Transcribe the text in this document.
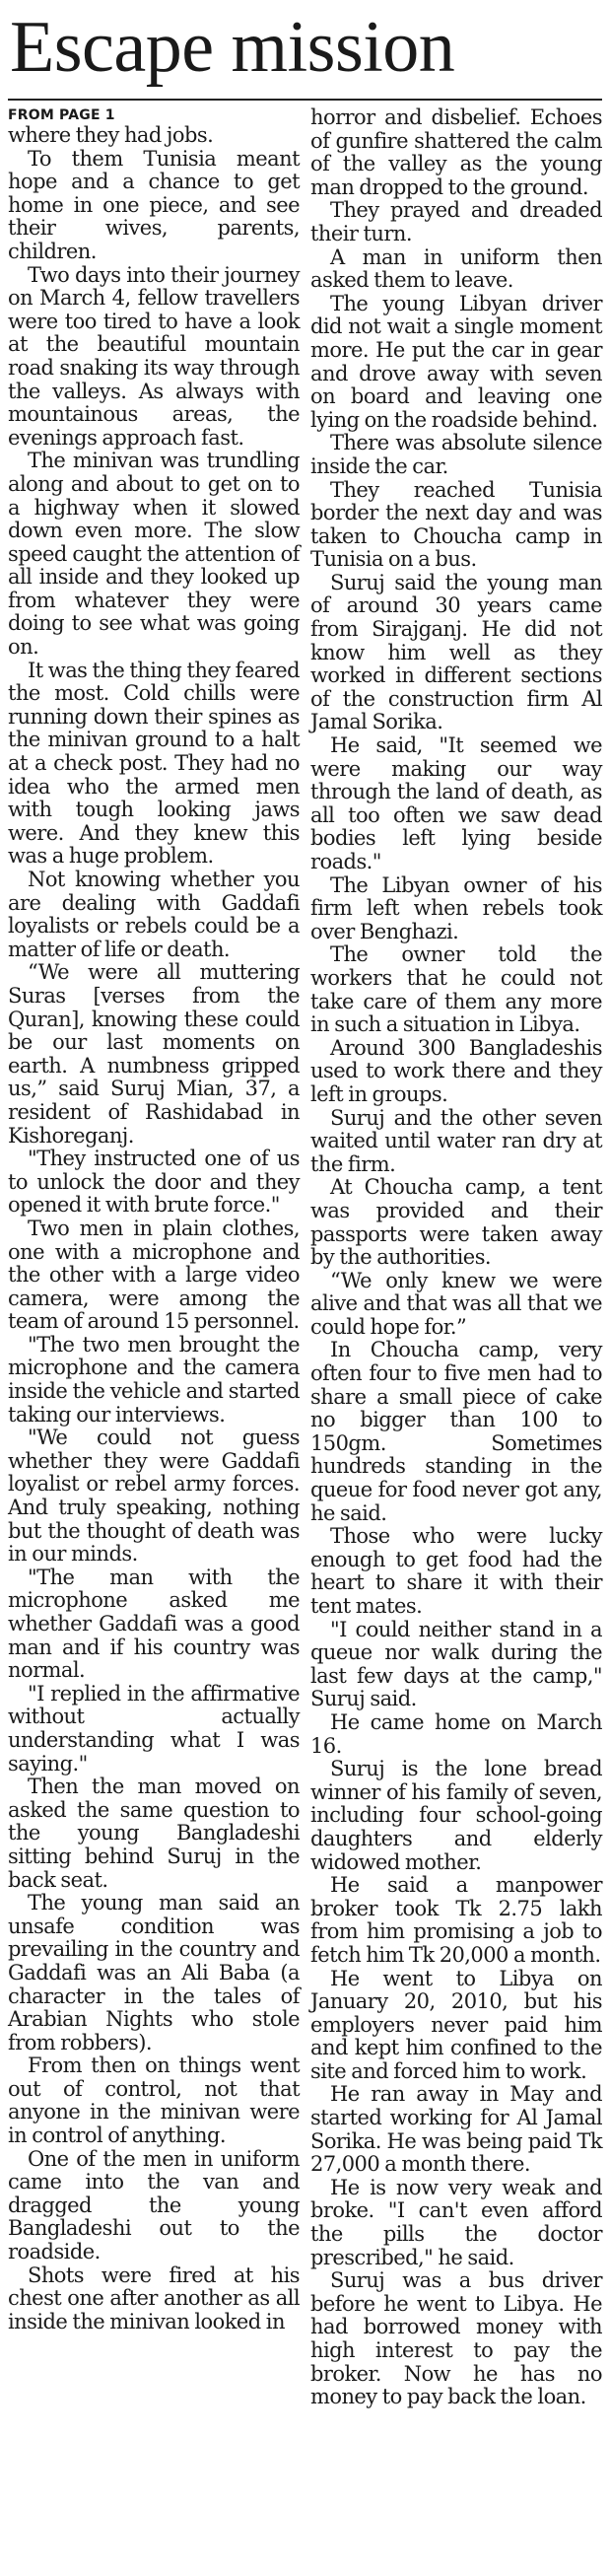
Escape mission
FROM PAGE 1

where they had jobs.

To them Tunisia meant hope and a chance to get home in one piece, and see their wives, parents, children.

Two days into their journey on March 4, fellow travellers were too tired to have a look at the beautiful mountain road snaking its way through the valleys. As always with mountainous areas, the evenings approach fast.

The minivan was trundling along and about to get on to a highway when it slowed down even more. The slow speed caught the attention of all inside and they looked up from whatever they were doing to see what was going on.

It was the thing they feared the most. Cold chills were running down their spines as the minivan ground to a halt at a check post. They had no idea who the armed men with tough looking jaws were. And they knew this was a huge problem.

Not knowing whether you are dealing with Gaddafi loyalists or rebels could be a matter of life or death.

“We were all muttering Suras [verses from the Quran], knowing these could be our last moments on earth. A numbness gripped us,” said Suruj Mian, 37, a resident of Rashidabad in Kishoreganj.

"They instructed one of us to unlock the door and they opened it with brute force."

Two men in plain clothes, one with a microphone and the other with a large video camera, were among the team of around 15 personnel.

"The two men brought the microphone and the camera inside the vehicle and started taking our interviews.

"We could not guess whether they were Gaddafi loyalist or rebel army forces. And truly speaking, nothing but the thought of death was in our minds.

"The man with the microphone asked me whether Gaddafi was a good man and if his country was normal.

"I replied in the affirmative without actually understanding what I was saying."

Then the man moved on asked the same question to the young Bangladeshi sitting behind Suruj in the back seat.

The young man said an unsafe condition was prevailing in the country and Gaddafi was an Ali Baba (a character in the tales of Arabian Nights who stole from robbers).

From then on things went out of control, not that anyone in the minivan were in control of anything.

One of the men in uniform came into the van and dragged the young Bangladeshi out to the roadside.

Shots were fired at his chest one after another as all inside the minivan looked in

horror and disbelief. Echoes of gunfire shattered the calm of the valley as the young man dropped to the ground.

They prayed and dreaded their turn.

A man in uniform then asked them to leave.

The young Libyan driver did not wait a single moment more. He put the car in gear and drove away with seven on board and leaving one lying on the roadside behind.

There was absolute silence inside the car.

They reached Tunisia border the next day and was taken to Choucha camp in Tunisia on a bus.

Suruj said the young man of around 30 years came from Sirajganj. He did not know him well as they worked in different sections of the construction firm Al Jamal Sorika.

He said, "It seemed we were making our way through the land of death, as all too often we saw dead bodies left lying beside roads."

The Libyan owner of his firm left when rebels took over Benghazi.

The owner told the workers that he could not take care of them any more in such a situation in Libya.

Around 300 Bangladeshis used to work there and they left in groups.

Suruj and the other seven waited until water ran dry at the firm.

At Choucha camp, a tent was provided and their passports were taken away by the authorities.

“We only knew we were alive and that was all that we could hope for.”

In Choucha camp, very often four to five men had to share a small piece of cake no bigger than 100 to 150gm. Sometimes hundreds standing in the queue for food never got any, he said.

Those who were lucky enough to get food had the heart to share it with their tent mates.

"I could neither stand in a queue nor walk during the last few days at the camp," Suruj said.

He came home on March 16.

Suruj is the lone bread winner of his family of seven, including four school-going daughters and elderly widowed mother.

He said a manpower broker took Tk 2.75 lakh from him promising a job to fetch him Tk 20,000 a month.

He went to Libya on January 20, 2010, but his employers never paid him and kept him confined to the site and forced him to work.

He ran away in May and started working for Al Jamal Sorika. He was being paid Tk 27,000 a month there.

He is now very weak and broke. "I can't even afford the pills the doctor prescribed," he said.

Suruj was a bus driver before he went to Libya. He had borrowed money with high interest to pay the broker. Now he has no money to pay back the loan.
